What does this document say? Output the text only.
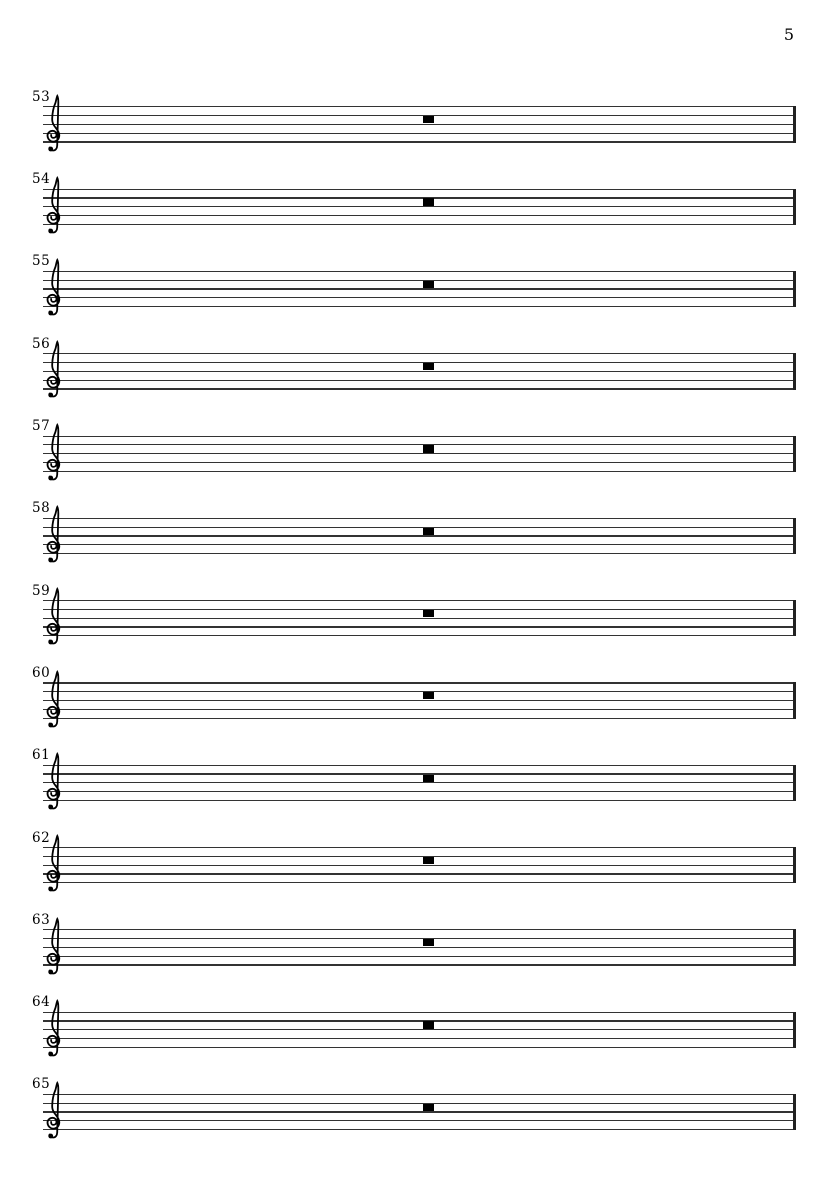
5
53
54
55
56
57
58
59
60
61
62
63
64
65
